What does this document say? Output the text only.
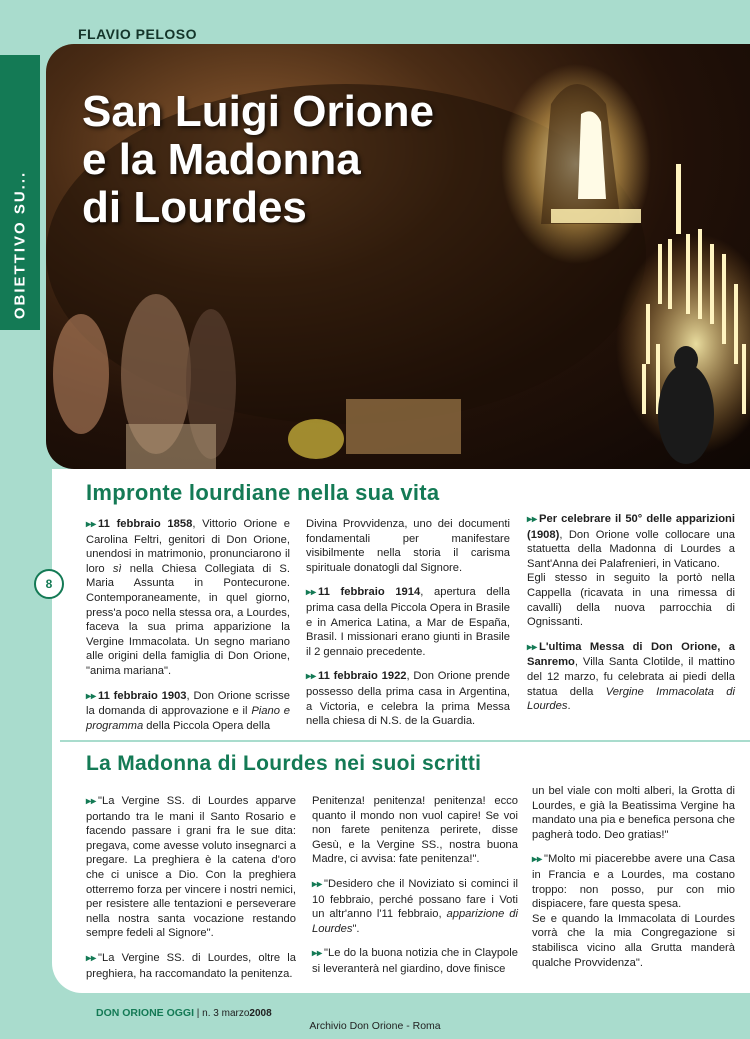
FLAVIO PELOSO
OBIETTIVO SU...
San Luigi Orione
e la Madonna
di Lourdes
Impronte lourdiane nella sua vita
8

▸▸ 11 febbraio 1858, Vittorio Orione e Carolina Feltri, genitori di Don Orione, unendosi in matrimonio, pronunciarono il loro sì nella Chiesa Collegiata di S. Maria Assunta in Pontecurone. Contemporaneamente, in quel giorno, press'a poco nella stessa ora, a Lourdes, faceva la sua prima apparizione la Vergine Immacolata. Un segno mariano alle origini della famiglia di Don Orione, "anima mariana".

▸▸ 11 febbraio 1903, Don Orione scrisse la domanda di approvazione e il Piano e programma della Piccola Opera della

Divina Provvidenza, uno dei documenti fondamentali per manifestare visibilmente nella storia il carisma spirituale donatogli dal Signore.

▸▸ 11 febbraio 1914, apertura della prima casa della Piccola Opera in Brasile e in America Latina, a Mar de España, Brasil. I missionari erano giunti in Brasile il 2 gennaio precedente.

▸▸ 11 febbraio 1922, Don Orione prende possesso della prima casa in Argentina, a Victoria, e celebra la prima Messa nella chiesa di N.S. de la Guardia.

▸▸ Per celebrare il 50° delle apparizioni (1908), Don Orione volle collocare una statuetta della Madonna di Lourdes a Sant'Anna dei Palafrenieri, in Vaticano.
Egli stesso in seguito la portò nella Cappella (ricavata in una rimessa di cavalli) della nuova parrocchia di Ognissanti.

▸▸ L'ultima Messa di Don Orione, a Sanremo, Villa Santa Clotilde, il mattino del 12 marzo, fu celebrata ai piedi della statua della Vergine Immacolata di Lourdes.

La Madonna di Lourdes nei suoi scritti

▸▸ "La Vergine SS. di Lourdes apparve portando tra le mani il Santo Rosario e facendo passare i grani fra le sue dita: pregava, come avesse voluto insegnarci a pregare. La preghiera è la catena d'oro che ci unisce a Dio. Con la preghiera otterremo forza per vincere i nostri nemici, per resistere alle tentazioni e perseverare nella nostra santa vocazione restando sempre fedeli al Signore".

▸▸ "La Vergine SS. di Lourdes, oltre la preghiera, ha raccomandato la penitenza.

Penitenza! penitenza! penitenza! ecco quanto il mondo non vuol capire! Se voi non farete penitenza perirete, disse Gesù, e la Vergine SS., nostra buona Madre, ci avvisa: fate penitenza!".

▸▸ "Desidero che il Noviziato si cominci il 10 febbraio, perché possano fare i Voti un altr'anno l'11 febbraio, apparizione di Lourdes".

▸▸ "Le do la buona notizia che in Claypole si leveranterà nel giardino, dove finisce

un bel viale con molti alberi, la Grotta di Lourdes, e già la Beatissima Vergine ha mandato una pia e benefica persona che pagherà todo. Deo gratias!"

▸▸ "Molto mi piacerebbe avere una Casa in Francia e a Lourdes, ma costano troppo: non posso, pur con mio dispiacere, fare questa spesa.

Se e quando la Immacolata di Lourdes vorrà che la mia Congregazione si stabilisca vicino alla Grutta manderà qualche Provvidenza".

DON ORIONE OGGI | n. 3 marzo2008
Archivio Don Orione - Roma
